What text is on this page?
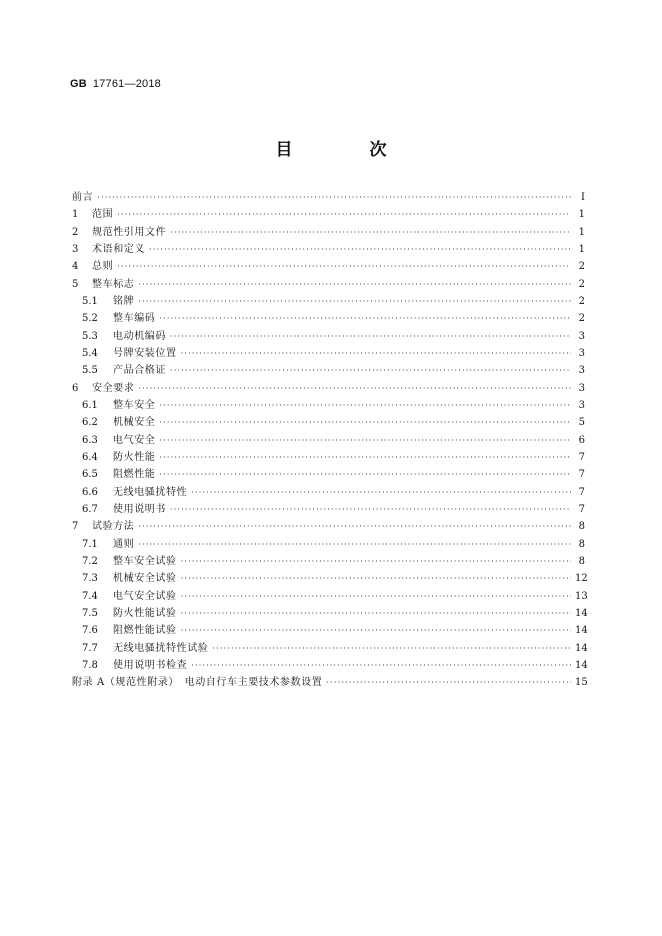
GB 17761—2018
目　次
前言 ·····	Ⅰ
1	范围 ·····	1
2	规范性引用文件 ·····	1
3	术语和定义 ·····	1
4	总则 ·····	2
5	整车标志 ·····	2
5.1	铭牌 ·····	2
5.2	整车编码 ·····	2
5.3	电动机编码 ·····	3
5.4	号牌安装位置 ·····	3
5.5	产品合格证 ·····	3
6	安全要求 ·····	3
6.1	整车安全 ·····	3
6.2	机械安全 ·····	5
6.3	电气安全 ·····	6
6.4	防火性能 ·····	7
6.5	阻燃性能 ·····	7
6.6	无线电骚扰特性 ·····	7
6.7	使用说明书 ·····	7
7	试验方法 ·····	8
7.1	通则 ·····	8
7.2	整车安全试验 ·····	8
7.3	机械安全试验 ·····	12
7.4	电气安全试验 ·····	13
7.5	防火性能试验 ·····	14
7.6	阻燃性能试验 ·····	14
7.7	无线电骚扰特性试验 ·····	14
7.8	使用说明书检查 ·····	14
附录 A（规范性附录）　电动自行车主要技术参数设置 ·····	15
